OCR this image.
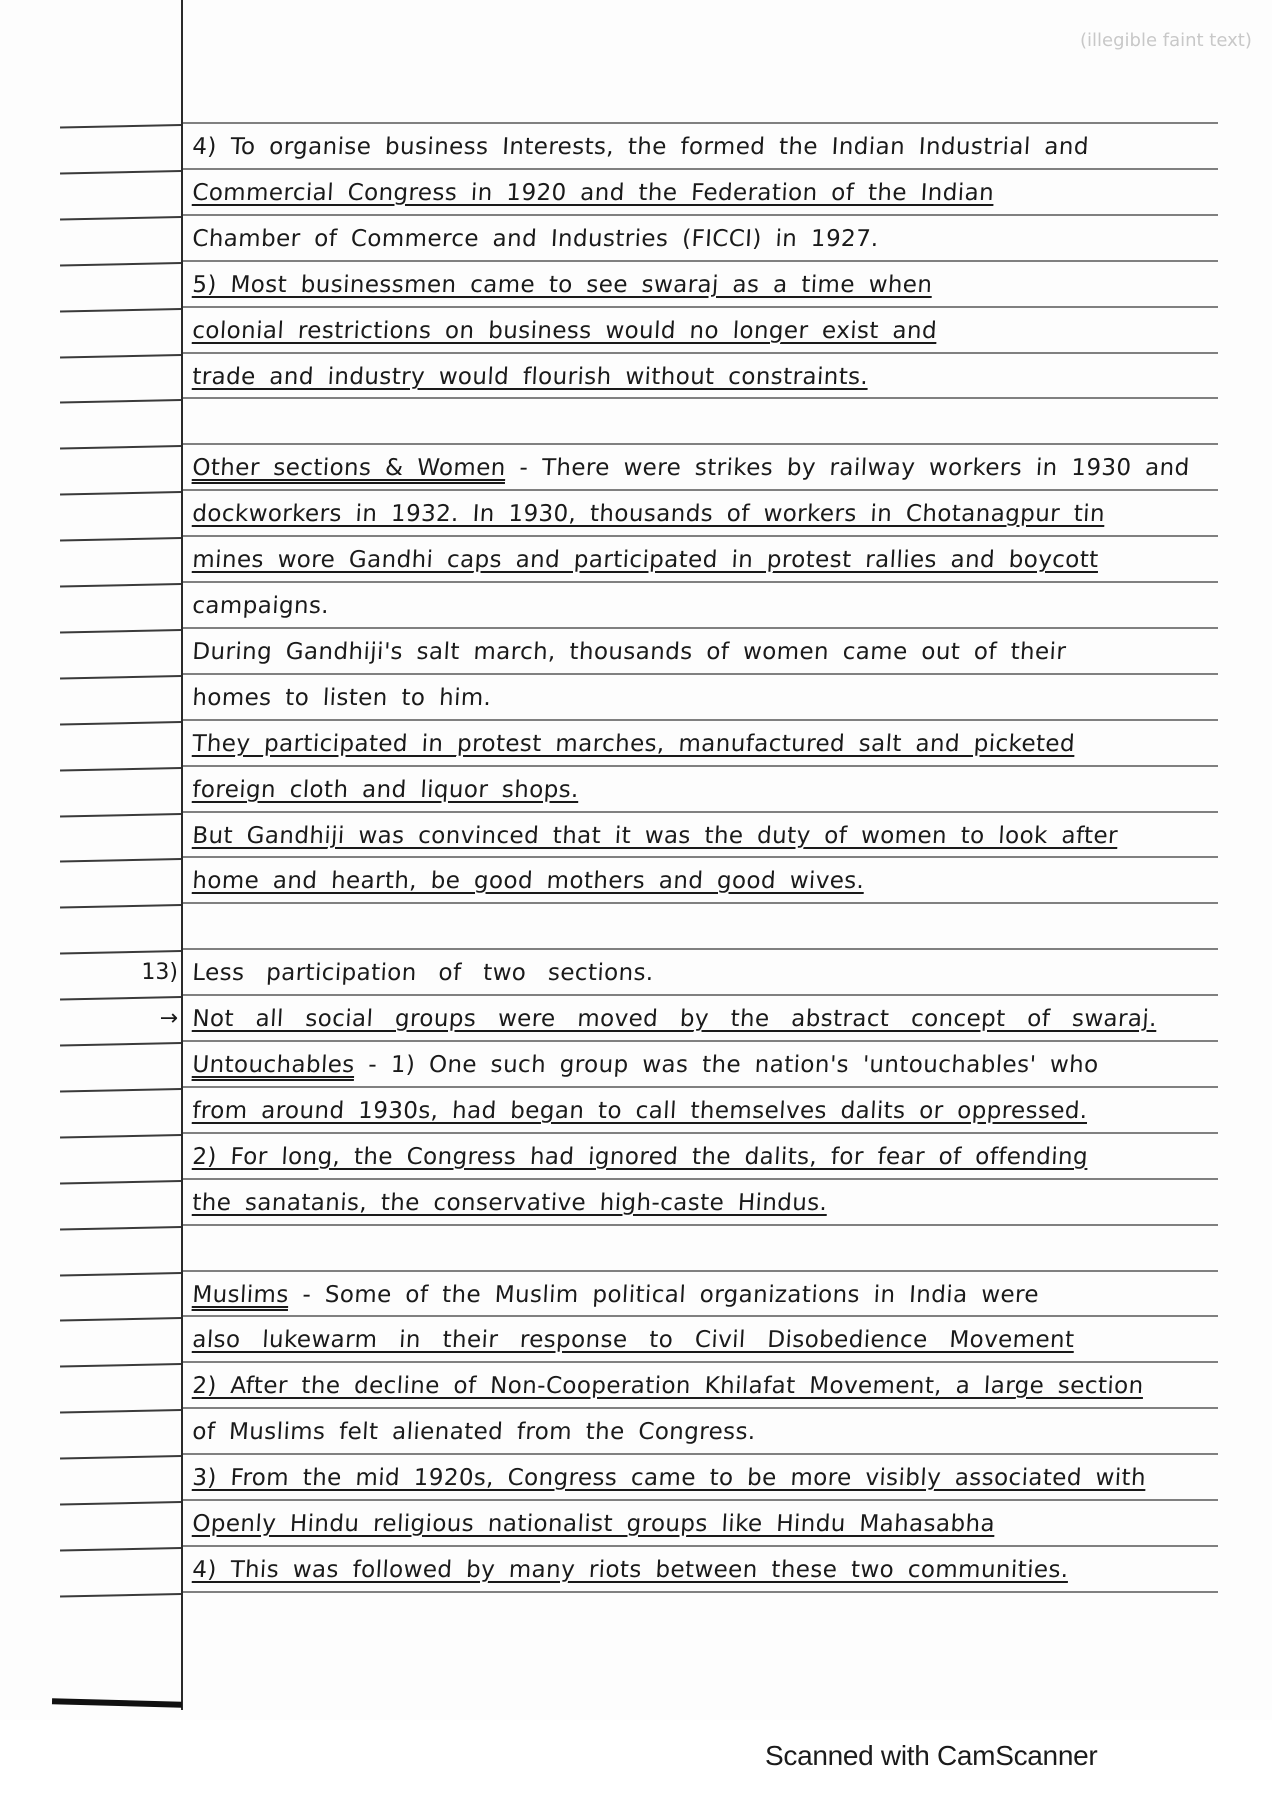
(illegible faint text)
4) To organise business Interests, the formed the Indian Industrial and
Commercial Congress in 1920 and the Federation of the Indian
Chamber of Commerce and Industries (FICCI) in 1927.
5) Most businessmen came to see swaraj as a time when
colonial restrictions on business would no longer exist and
trade and industry would flourish without constraints.
Other sections & Women - There were strikes by railway workers in 1930 and
dockworkers in 1932. In 1930, thousands of workers in Chotanagpur tin
mines wore Gandhi caps and participated in protest rallies and boycott
campaigns.
During Gandhiji's salt march, thousands of women came out of their
homes to listen to him.
They participated in protest marches, manufactured salt and picketed
foreign cloth and liquor shops.
But Gandhiji was convinced that it was the duty of women to look after
home and hearth, be good mothers and good wives.
Less participation of two sections.
13)
Not all social groups were moved by the abstract concept of swaraj.
→
Untouchables - 1) One such group was the nation's 'untouchables' who
from around 1930s, had began to call themselves dalits or oppressed.
2) For long, the Congress had ignored the dalits, for fear of offending
the sanatanis, the conservative high-caste Hindus.
Muslims - Some of the Muslim political organizations in India were
also lukewarm in their response to Civil Disobedience Movement
2) After the decline of Non-Cooperation Khilafat Movement, a large section
of Muslims felt alienated from the Congress.
3) From the mid 1920s, Congress came to be more visibly associated with
Openly Hindu religious nationalist groups like Hindu Mahasabha
4) This was followed by many riots between these two communities.
Scanned with CamScanner
